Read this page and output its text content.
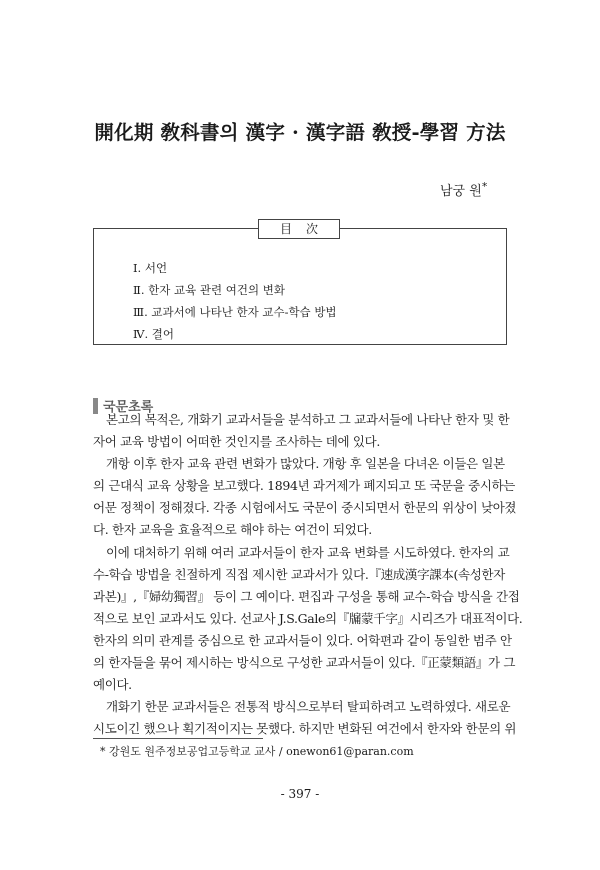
開化期 敎科書의 漢字 · 漢字語 敎授-學習 方法
남궁 원*
目次
Ⅰ. 서언
Ⅱ. 한자 교육 관련 여건의 변화
Ⅲ. 교과서에 나타난 한자 교수-학습 방법
Ⅳ. 결어
국문초록
본고의 목적은, 개화기 교과서들을 분석하고 그 교과서들에 나타난 한자 및 한
자어 교육 방법이 어떠한 것인지를 조사하는 데에 있다.
개항 이후 한자 교육 관련 변화가 많았다. 개항 후 일본을 다녀온 이들은 일본
의 근대식 교육 상황을 보고했다. 1894년 과거제가 폐지되고 또 국문을 중시하는
어문 정책이 정해졌다. 각종 시험에서도 국문이 중시되면서 한문의 위상이 낮아졌
다. 한자 교육을 효율적으로 해야 하는 여건이 되었다.
이에 대처하기 위해 여러 교과서들이 한자 교육 변화를 시도하였다. 한자의 교
수-학습 방법을 친절하게 직접 제시한 교과서가 있다.『速成漢字課本(속성한자
과본)』,『婦幼獨習』 등이 그 예이다. 편집과 구성을 통해 교수-학습 방식을 간접
적으로 보인 교과서도 있다. 선교사 J.S.Gale의『牖蒙千字』시리즈가 대표적이다.
한자의 의미 관계를 중심으로 한 교과서들이 있다. 어학편과 같이 동일한 범주 안
의 한자들을 묶어 제시하는 방식으로 구성한 교과서들이 있다.『正蒙類語』가 그
예이다.
개화기 한문 교과서들은 전통적 방식으로부터 탈피하려고 노력하였다. 새로운
시도이긴 했으나 획기적이지는 못했다. 하지만 변화된 여건에서 한자와 한문의 위
* 강원도 원주정보공업고등학교 교사 / onewon61@paran.com
- 397 -
